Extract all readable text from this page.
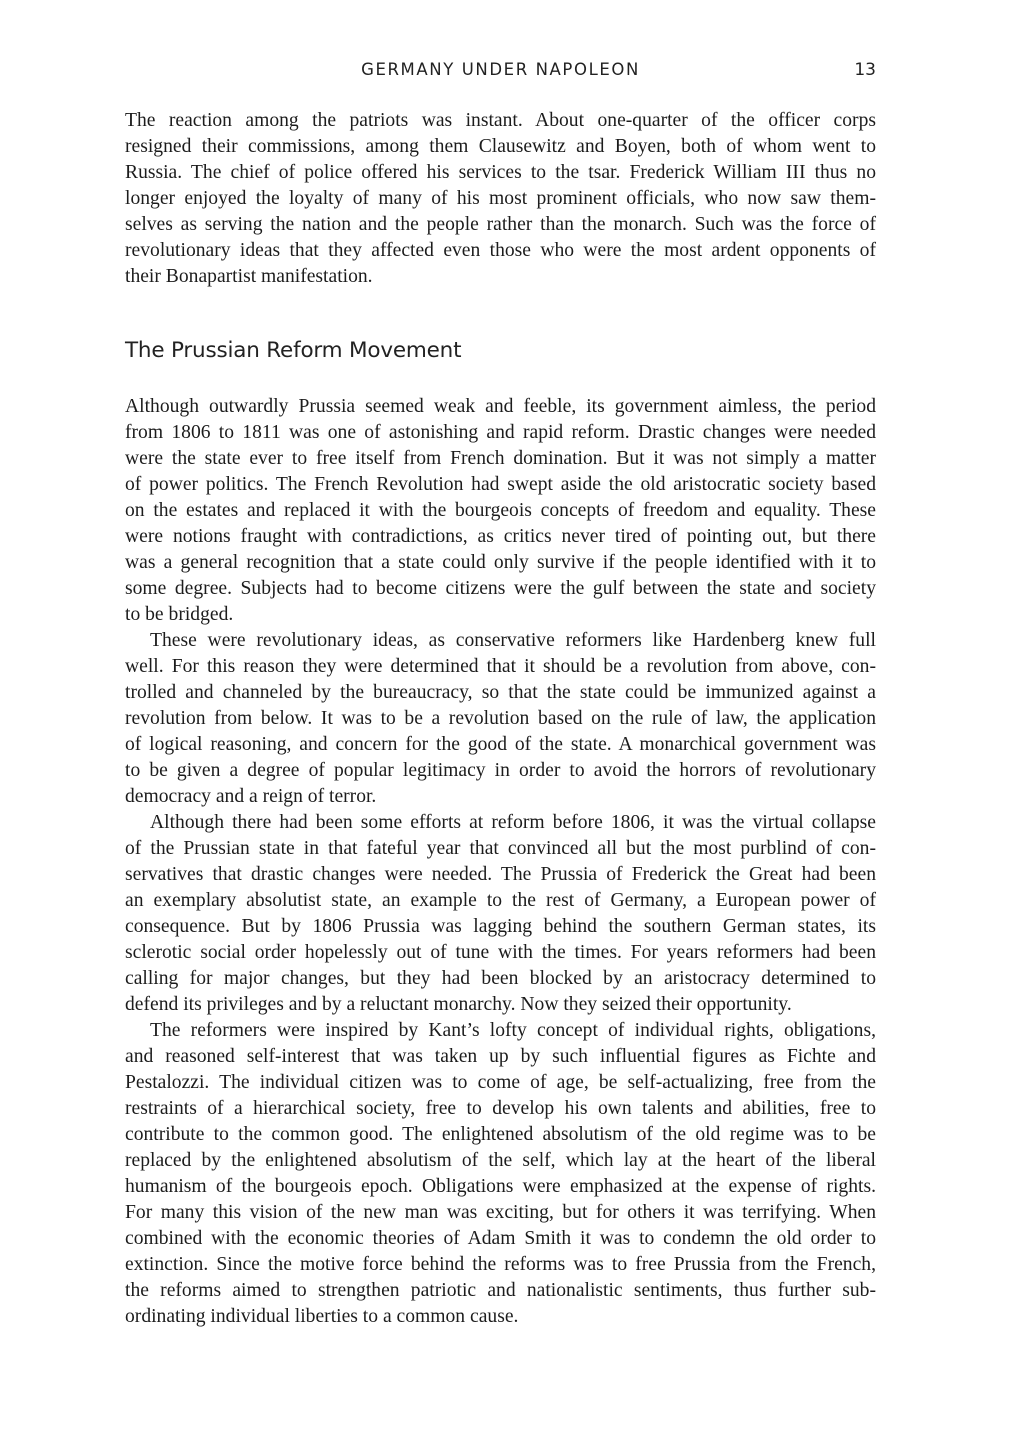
GERMANY UNDER NAPOLEON	13
The reaction among the patriots was instant. About one-quarter of the officer corps
resigned their commissions, among them Clausewitz and Boyen, both of whom went to
Russia. The chief of police offered his services to the tsar. Frederick William III thus no
longer enjoyed the loyalty of many of his most prominent officials, who now saw them-
selves as serving the nation and the people rather than the monarch. Such was the force of
revolutionary ideas that they affected even those who were the most ardent opponents of
their Bonapartist manifestation.
The Prussian Reform Movement
Although outwardly Prussia seemed weak and feeble, its government aimless, the period
from 1806 to 1811 was one of astonishing and rapid reform. Drastic changes were needed
were the state ever to free itself from French domination. But it was not simply a matter
of power politics. The French Revolution had swept aside the old aristocratic society based
on the estates and replaced it with the bourgeois concepts of freedom and equality. These
were notions fraught with contradictions, as critics never tired of pointing out, but there
was a general recognition that a state could only survive if the people identified with it to
some degree. Subjects had to become citizens were the gulf between the state and society
to be bridged.
These were revolutionary ideas, as conservative reformers like Hardenberg knew full
well. For this reason they were determined that it should be a revolution from above, con-
trolled and channeled by the bureaucracy, so that the state could be immunized against a
revolution from below. It was to be a revolution based on the rule of law, the application
of logical reasoning, and concern for the good of the state. A monarchical government was
to be given a degree of popular legitimacy in order to avoid the horrors of revolutionary
democracy and a reign of terror.
Although there had been some efforts at reform before 1806, it was the virtual collapse
of the Prussian state in that fateful year that convinced all but the most purblind of con-
servatives that drastic changes were needed. The Prussia of Frederick the Great had been
an exemplary absolutist state, an example to the rest of Germany, a European power of
consequence. But by 1806 Prussia was lagging behind the southern German states, its
sclerotic social order hopelessly out of tune with the times. For years reformers had been
calling for major changes, but they had been blocked by an aristocracy determined to
defend its privileges and by a reluctant monarchy. Now they seized their opportunity.
The reformers were inspired by Kant’s lofty concept of individual rights, obligations,
and reasoned self-interest that was taken up by such influential figures as Fichte and
Pestalozzi. The individual citizen was to come of age, be self-actualizing, free from the
restraints of a hierarchical society, free to develop his own talents and abilities, free to
contribute to the common good. The enlightened absolutism of the old regime was to be
replaced by the enlightened absolutism of the self, which lay at the heart of the liberal
humanism of the bourgeois epoch. Obligations were emphasized at the expense of rights.
For many this vision of the new man was exciting, but for others it was terrifying. When
combined with the economic theories of Adam Smith it was to condemn the old order to
extinction. Since the motive force behind the reforms was to free Prussia from the French,
the reforms aimed to strengthen patriotic and nationalistic sentiments, thus further sub-
ordinating individual liberties to a common cause.
